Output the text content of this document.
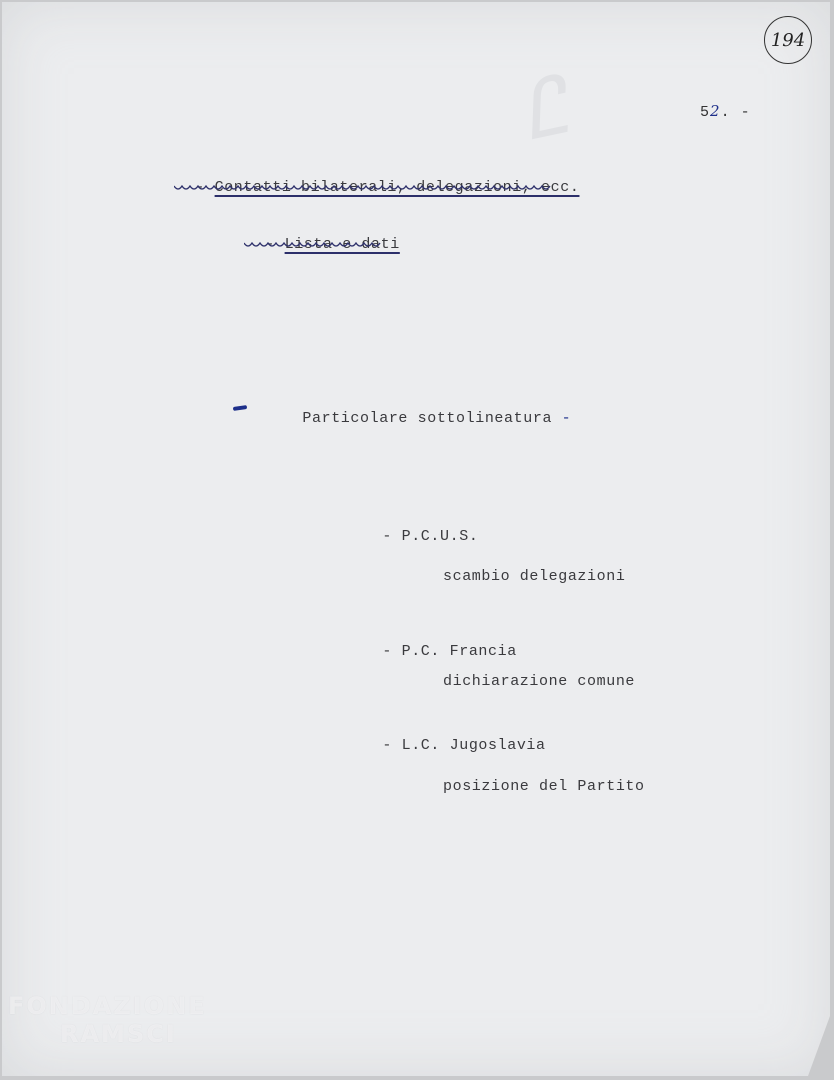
Ꮭ
194
52. -

- Contatti bilaterali, delegazioni, ecc.

- Lista e dati

Particolare sottolineatura -

- P.C.U.S.

scambio delegazioni

- P.C. Francia

dichiarazione comune

- L.C. Jugoslavia

posizione del Partito
FONDAZIONE
RAMSCI
